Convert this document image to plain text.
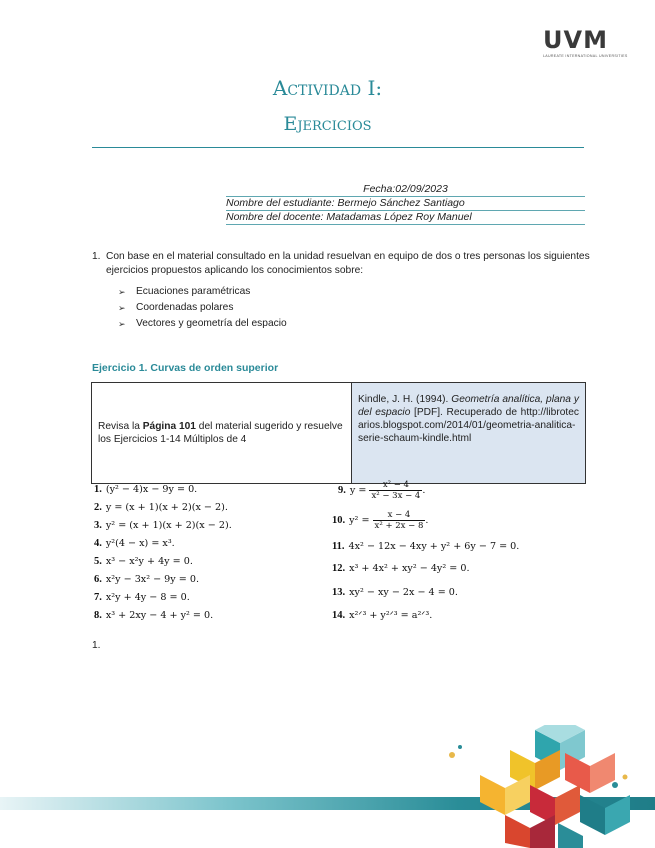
UVM
LAUREATE INTERNATIONAL UNIVERSITIES
Actividad I:
Ejercicios
Fecha:02/09/2023
Nombre del estudiante: Bermejo Sánchez Santiago
Nombre del docente: Matadamas López Roy Manuel
1. Con base en el material consultado en la unidad resuelvan en equipo de dos o tres personas los siguientes ejercicios propuestos aplicando los conocimientos sobre:
➢ Ecuaciones paramétricas
➢ Coordenadas polares
➢ Vectores y geometría del espacio
Ejercicio 1. Curvas de orden superior
Revisa la Página 101 del material sugerido y resuelve los Ejercicios 1-14 Múltiplos de 4	Kindle, J. H. (1994). Geometría analítica, plana y del espacio [PDF]. Recuperado de http://librotecarios.blogspot.com/2014/01/geometria-analitica-serie-schaum-kindle.html
1. (y² − 4)x − 9y = 0.
2. y = (x + 1)(x + 2)(x − 2).
3. y² = (x + 1)(x + 2)(x − 2).
4. y²(4 − x) = x³.
5. x³ − x²y + 4y = 0.
6. x²y − 3x² − 9y = 0.
7. x²y + 4y − 8 = 0.
8. x³ + 2xy − 4 + y² = 0.
9. $y = \frac{\text{x² − 4}}{\text{x² − 3x − 4}}$ .
10. $y^2 = \frac{x - 4}{\text{x² + 2x − 8}}$ .
11. 4x² − 12x − 4xy + y² + 6y − 7 = 0.
12. x³ + 4x² + xy² − 4y² = 0.
13. xy² − xy − 2x − 4 = 0.
14. x²ᐟ³ + y²ᐟ³ = a²ᐟ³.
1.
